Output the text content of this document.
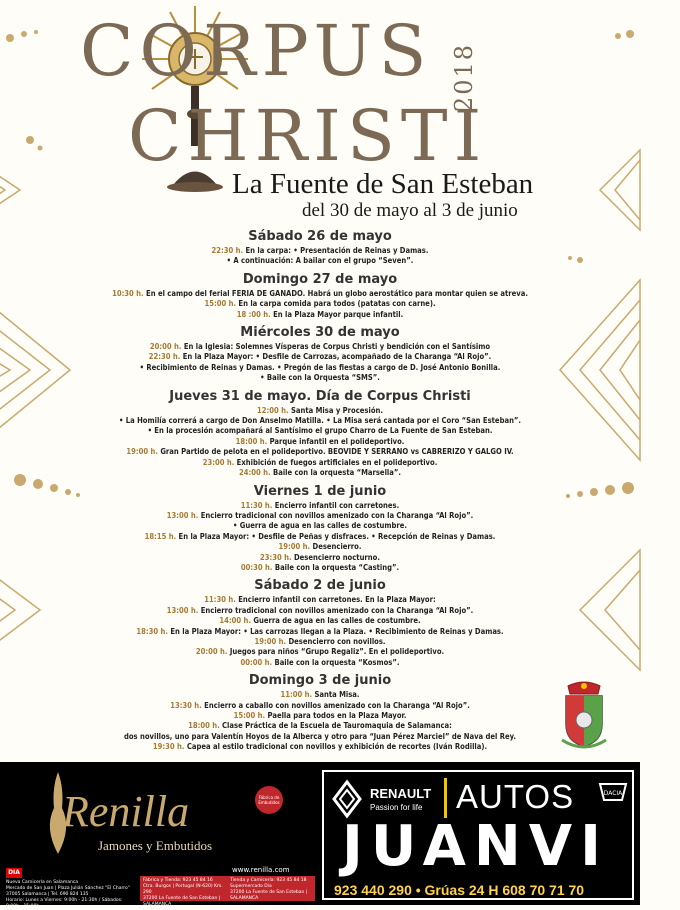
CORPUS
CHRISTI
2018
La Fuente de San Esteban
del 30 de mayo al 3 de junio
Sábado 26 de mayo
22:30 h. En la carpa: • Presentación de Reinas y Damas.
• A continuación: A bailar con el grupo “Seven”.
Domingo 27 de mayo
10:30 h. En el campo del ferial FERIA DE GANADO. Habrá un globo aerostático para montar quien se atreva.
15:00 h. En la carpa comida para todos (patatas con carne).
18 :00 h. En la Plaza Mayor parque infantil.
Miércoles 30 de mayo
20:00 h. En la Iglesia: Solemnes Vísperas de Corpus Christi y bendición con el Santísimo
22:30 h. En la Plaza Mayor: • Desfile de Carrozas, acompañado de la Charanga “Al Rojo”.
• Recibimiento de Reinas y Damas. • Pregón de las fiestas a cargo de D. José Antonio Bonilla.
• Baile con la Orquesta “SMS”.
Jueves 31 de mayo. Día de Corpus Christi
12:00 h. Santa Misa y Procesión.
• La Homilía correrá a cargo de Don Anselmo Matilla. • La Misa será cantada por el Coro “San Esteban”.
• En la procesión acompañará al Santísimo el grupo Charro de La Fuente de San Esteban.
18:00 h. Parque infantil en el polideportivo.
19:00 h. Gran Partido de pelota en el polideportivo. BEOVIDE Y SERRANO vs CABRERIZO Y GALGO IV.
23:00 h. Exhibición de fuegos artificiales en el polideportivo.
24:00 h. Baile con la orquesta “Marsella”.
Viernes 1 de junio
11:30 h. Encierro infantil con carretones.
13:00 h. Encierro tradicional con novillos amenizado con la Charanga “Al Rojo”.
• Guerra de agua en las calles de costumbre.
18:15 h. En la Plaza Mayor: • Desfile de Peñas y disfraces. • Recepción de Reinas y Damas.
19:00 h. Desencierro.
23:30 h. Desencierro nocturno.
00:30 h. Baile con la orquesta “Casting”.
Sábado 2 de junio
11:30 h. Encierro infantil con carretones. En la Plaza Mayor:
13:00 h. Encierro tradicional con novillos amenizado con la Charanga “Al Rojo”.
14:00 h. Guerra de agua en las calles de costumbre.
18:30 h. En la Plaza Mayor: • Las carrozas llegan a la Plaza. • Recibimiento de Reinas y Damas.
19:00 h. Desencierro con novillos.
20:00 h. Juegos para niños “Grupo Regaliz”. En el polideportivo.
00:00 h. Baile con la orquesta “Kosmos”.
Domingo 3 de junio
11:00 h. Santa Misa.
13:30 h. Encierro a caballo con novillos amenizado con la Charanga “Al Rojo”.
15:00 h. Paella para todos en la Plaza Mayor.
18:00 h. Clase Práctica de la Escuela de Tauromaquia de Salamanca:
dos novillos, uno para Valentín Hoyos de la Alberca y otro para “Juan Pérez Marciel” de Nava del Rey.
19:30 h. Capea al estilo tradicional con novillos y exhibición de recortes (Iván Rodilla).
Renilla
Jamones y Embutidos
Fábrica de Embutidos
www.renilla.com
DIA
Nueva Carnicería en Salamanca
Mercado de San Juan | Plaza Julián Sánchez "El Charro"
37005 Salamanca | Tel. 690 824 135
Horario: Lunes a Viernes: 9:00h - 21:30h / Sábados: 9:00h - 15:00h
Fábrica y Tienda: 923 45 84 16
Ctra. Burgos | Portugal (N-620) Km. 290
37200 La Fuente de San Esteban | SALAMANCA
Tienda y Carnicería: 923 45 84 18
Supermercado Dia
37200 La Fuente de San Esteban | SALAMANCA
RENAULT
Passion for life AUTOS	DACIA
JUANVI
923 440 290 • Grúas 24 H 608 70 71 70
